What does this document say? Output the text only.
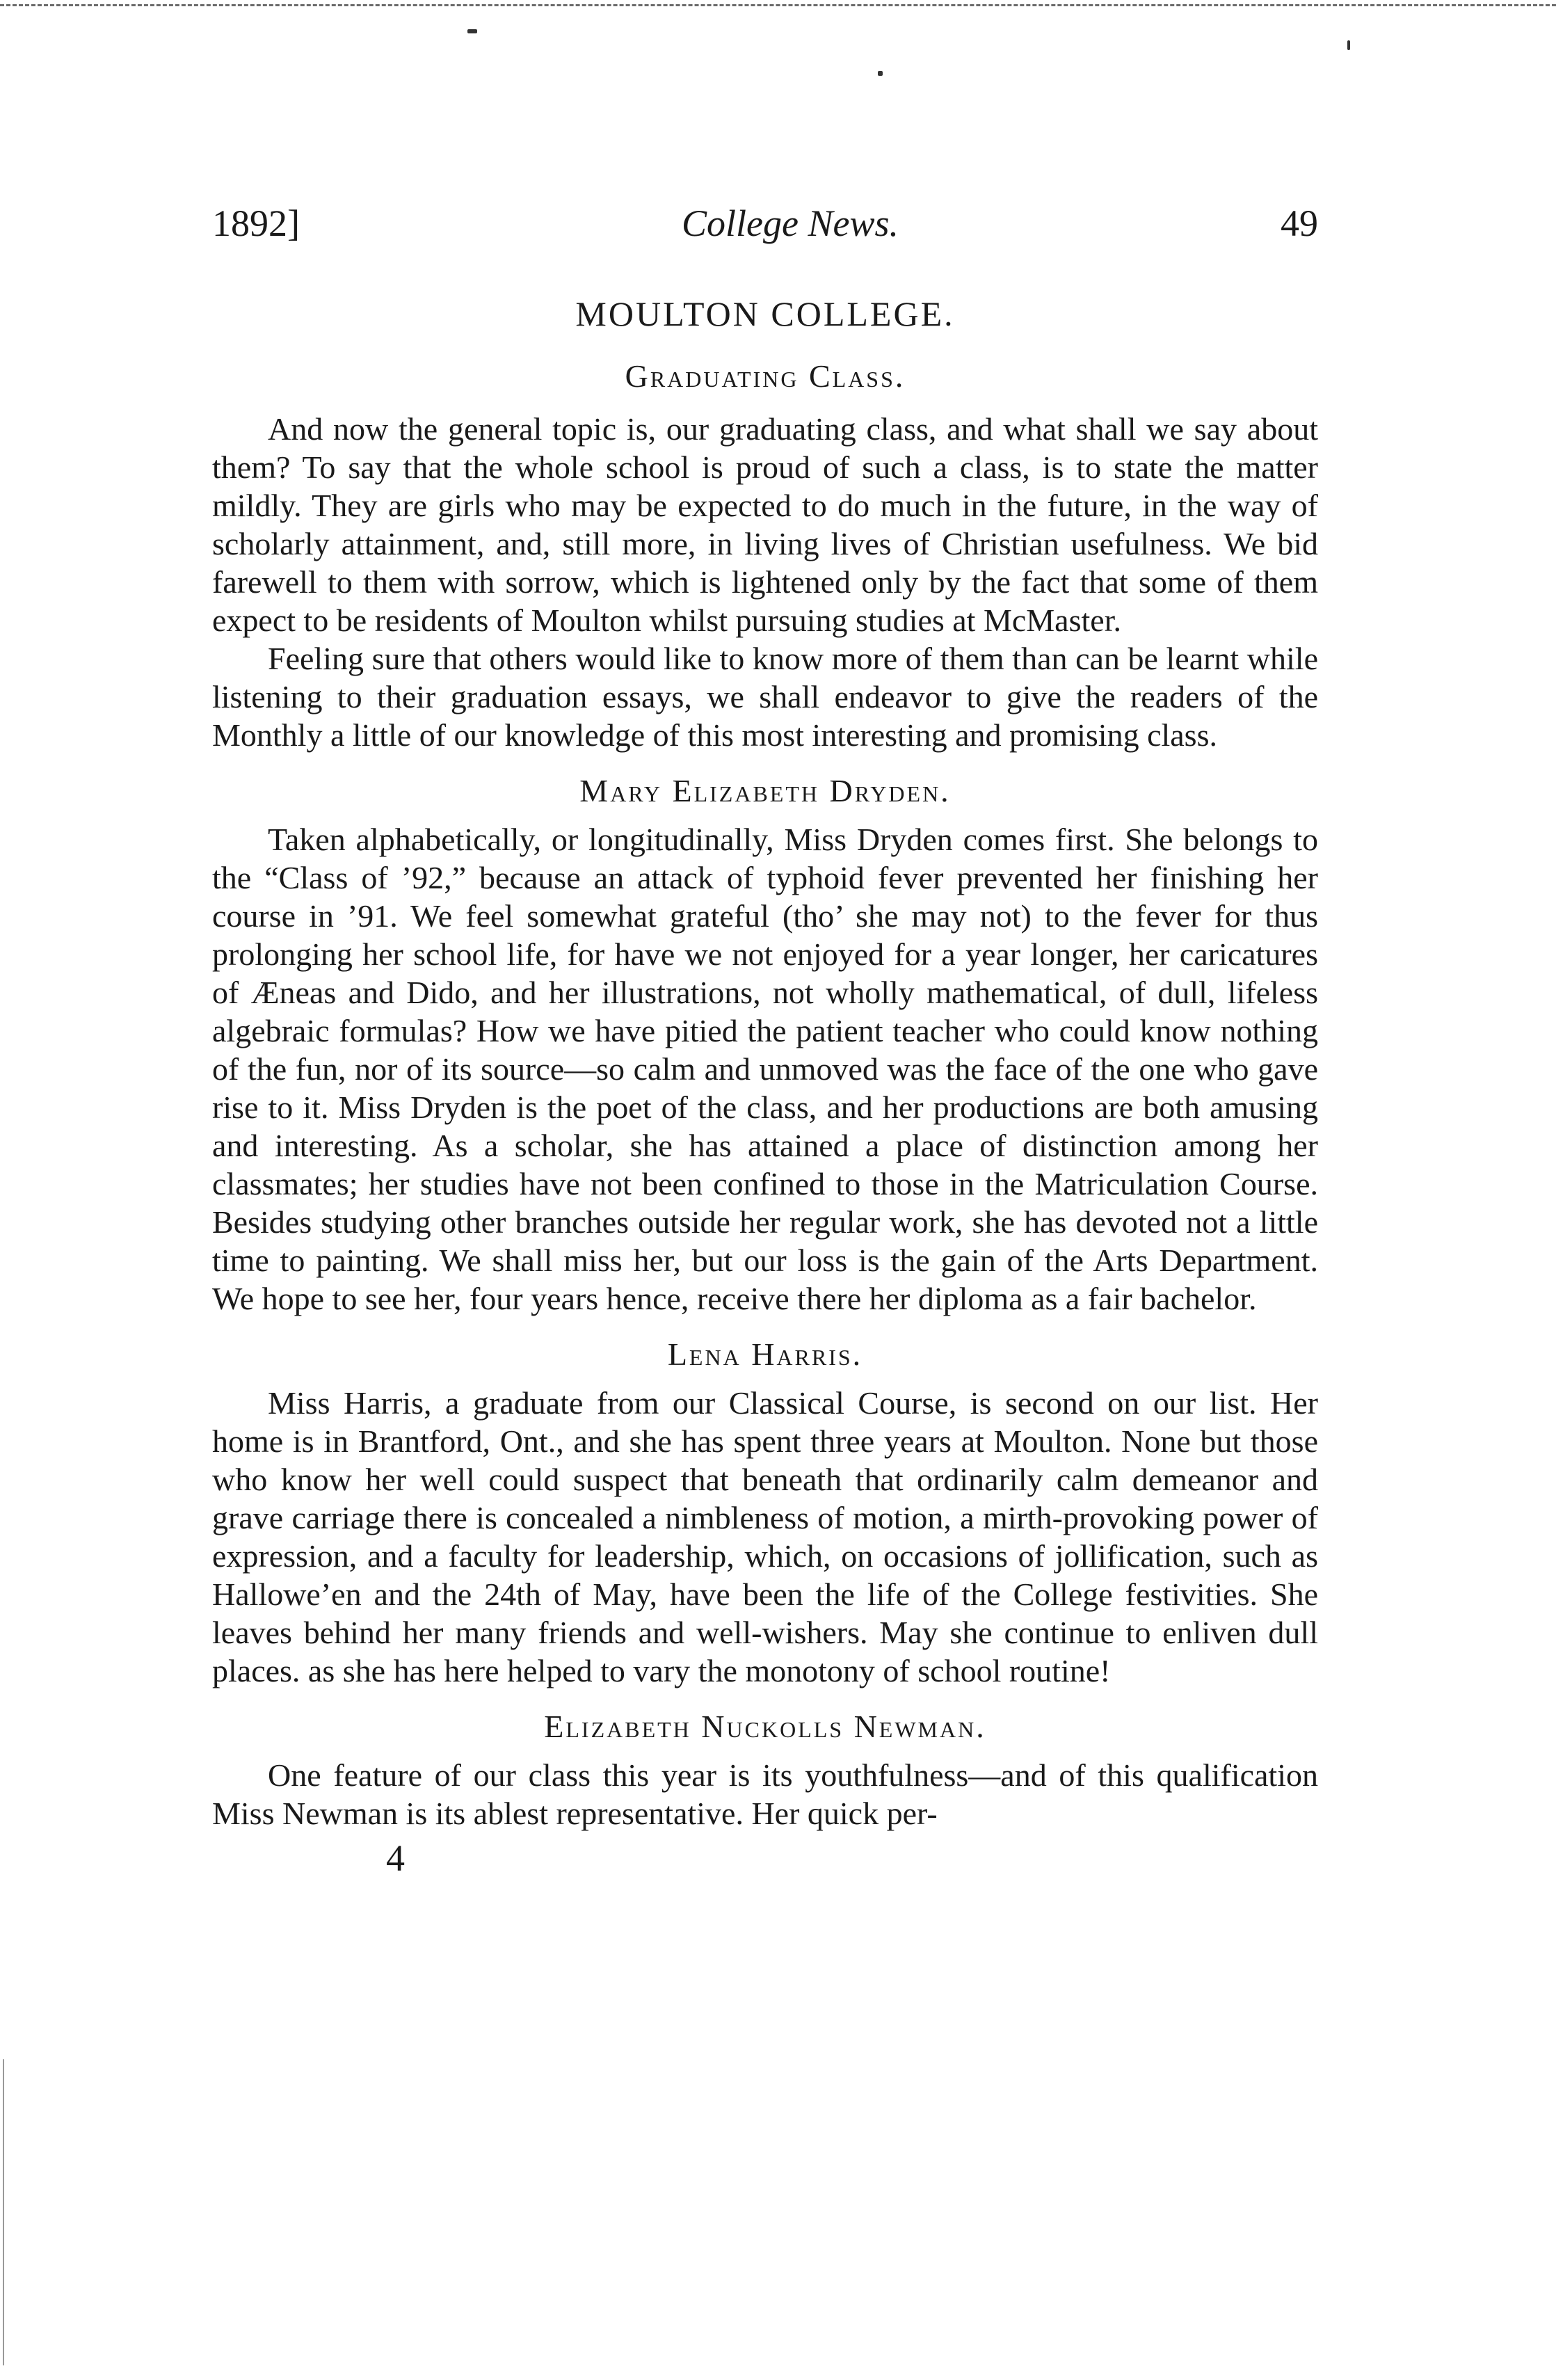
1892]	College News.	49
MOULTON COLLEGE.
Graduating Class.

And now the general topic is, our graduating class, and what shall we say about them? To say that the whole school is proud of such a class, is to state the matter mildly. They are girls who may be expected to do much in the future, in the way of scholarly attainment, and, still more, in living lives of Christian usefulness. We bid farewell to them with sorrow, which is lightened only by the fact that some of them expect to be residents of Moulton whilst pursuing studies at McMaster.

Feeling sure that others would like to know more of them than can be learnt while listening to their graduation essays, we shall endeavor to give the readers of the Monthly a little of our knowledge of this most interesting and promising class.

Mary Elizabeth Dryden.

Taken alphabetically, or longitudinally, Miss Dryden comes first. She belongs to the “Class of ’92,” because an attack of typhoid fever prevented her finishing her course in ’91. We feel somewhat grateful (tho’ she may not) to the fever for thus prolonging her school life, for have we not enjoyed for a year longer, her caricatures of Æneas and Dido, and her illustrations, not wholly mathematical, of dull, lifeless algebraic formulas? How we have pitied the patient teacher who could know nothing of the fun, nor of its source—so calm and unmoved was the face of the one who gave rise to it. Miss Dryden is the poet of the class, and her productions are both amusing and interesting. As a scholar, she has attained a place of distinction among her classmates; her studies have not been confined to those in the Matriculation Course. Besides studying other branches outside her regular work, she has devoted not a little time to painting. We shall miss her, but our loss is the gain of the Arts Department. We hope to see her, four years hence, receive there her diploma as a fair bachelor.

Lena Harris.

Miss Harris, a graduate from our Classical Course, is second on our list. Her home is in Brantford, Ont., and she has spent three years at Moulton. None but those who know her well could suspect that beneath that ordinarily calm demeanor and grave carriage there is concealed a nimbleness of motion, a mirth-provoking power of expression, and a faculty for leadership, which, on occasions of jollification, such as Hallowe’en and the 24th of May, have been the life of the College festivities. She leaves behind her many friends and well-wishers. May she continue to enliven dull places. as she has here helped to vary the monotony of school routine!

Elizabeth Nuckolls Newman.

One feature of our class this year is its youthfulness—and of this qualification Miss Newman is its ablest representative. Her quick per-

4
